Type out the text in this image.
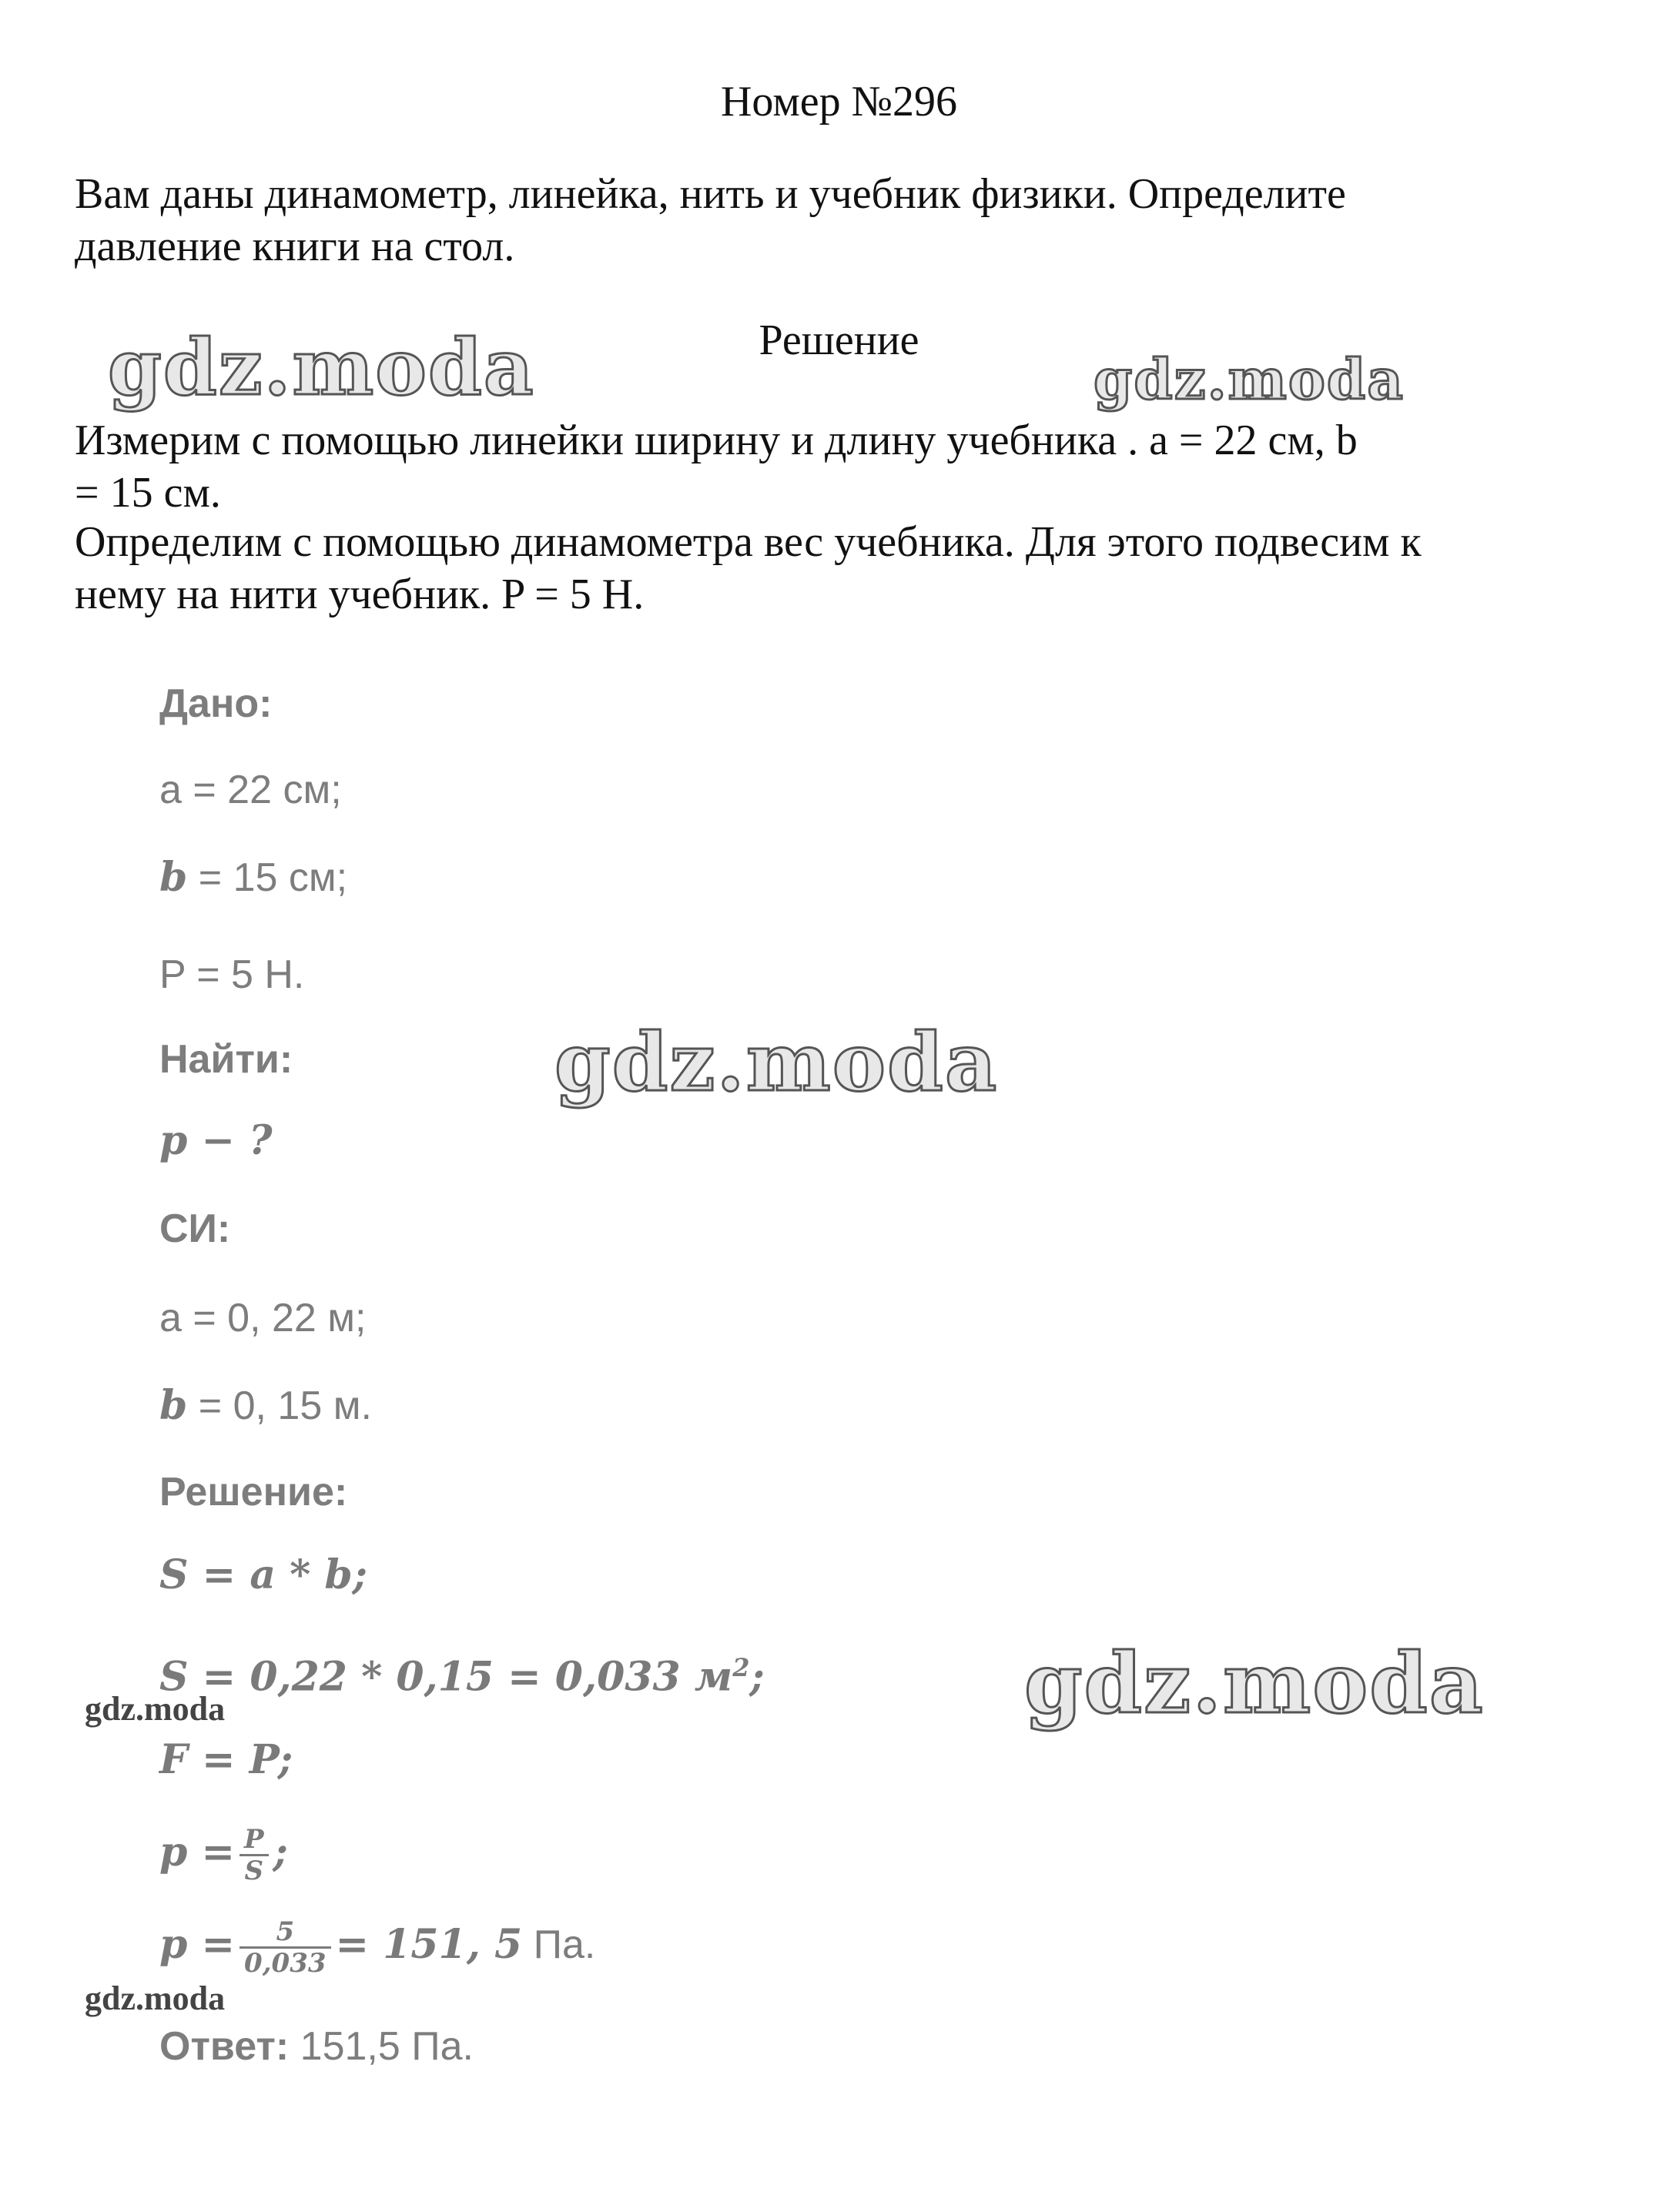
Номер №296
Вам даны динамометр, линейка, нить и учебник физики. Определите
давление книги на стол.
Решение
Измерим с помощью линейки ширину и длину учебника . a = 22 см, b
= 15 см.
Определим с помощью динамометра вес учебника. Для этого подвесим к
нему на нити учебник. P = 5 H.
Дано:
a = 22 см;
b = 15 см;
P = 5 Н.
Найти:
p − ?
СИ:
a = 0, 22 м;
b = 0, 15 м.
Решение:
S = a * b;
S = 0,22 * 0,15 = 0,033 $м^2$;
F = P;
$p = \frac{P}{S}$ ;
$p = \frac{5}{0,033} = 151$, 5 Па.
Ответ: 151,5 Па.
gdz.moda	gdz.moda
gdz.moda
gdz.moda
gdz.moda
gdz.moda
